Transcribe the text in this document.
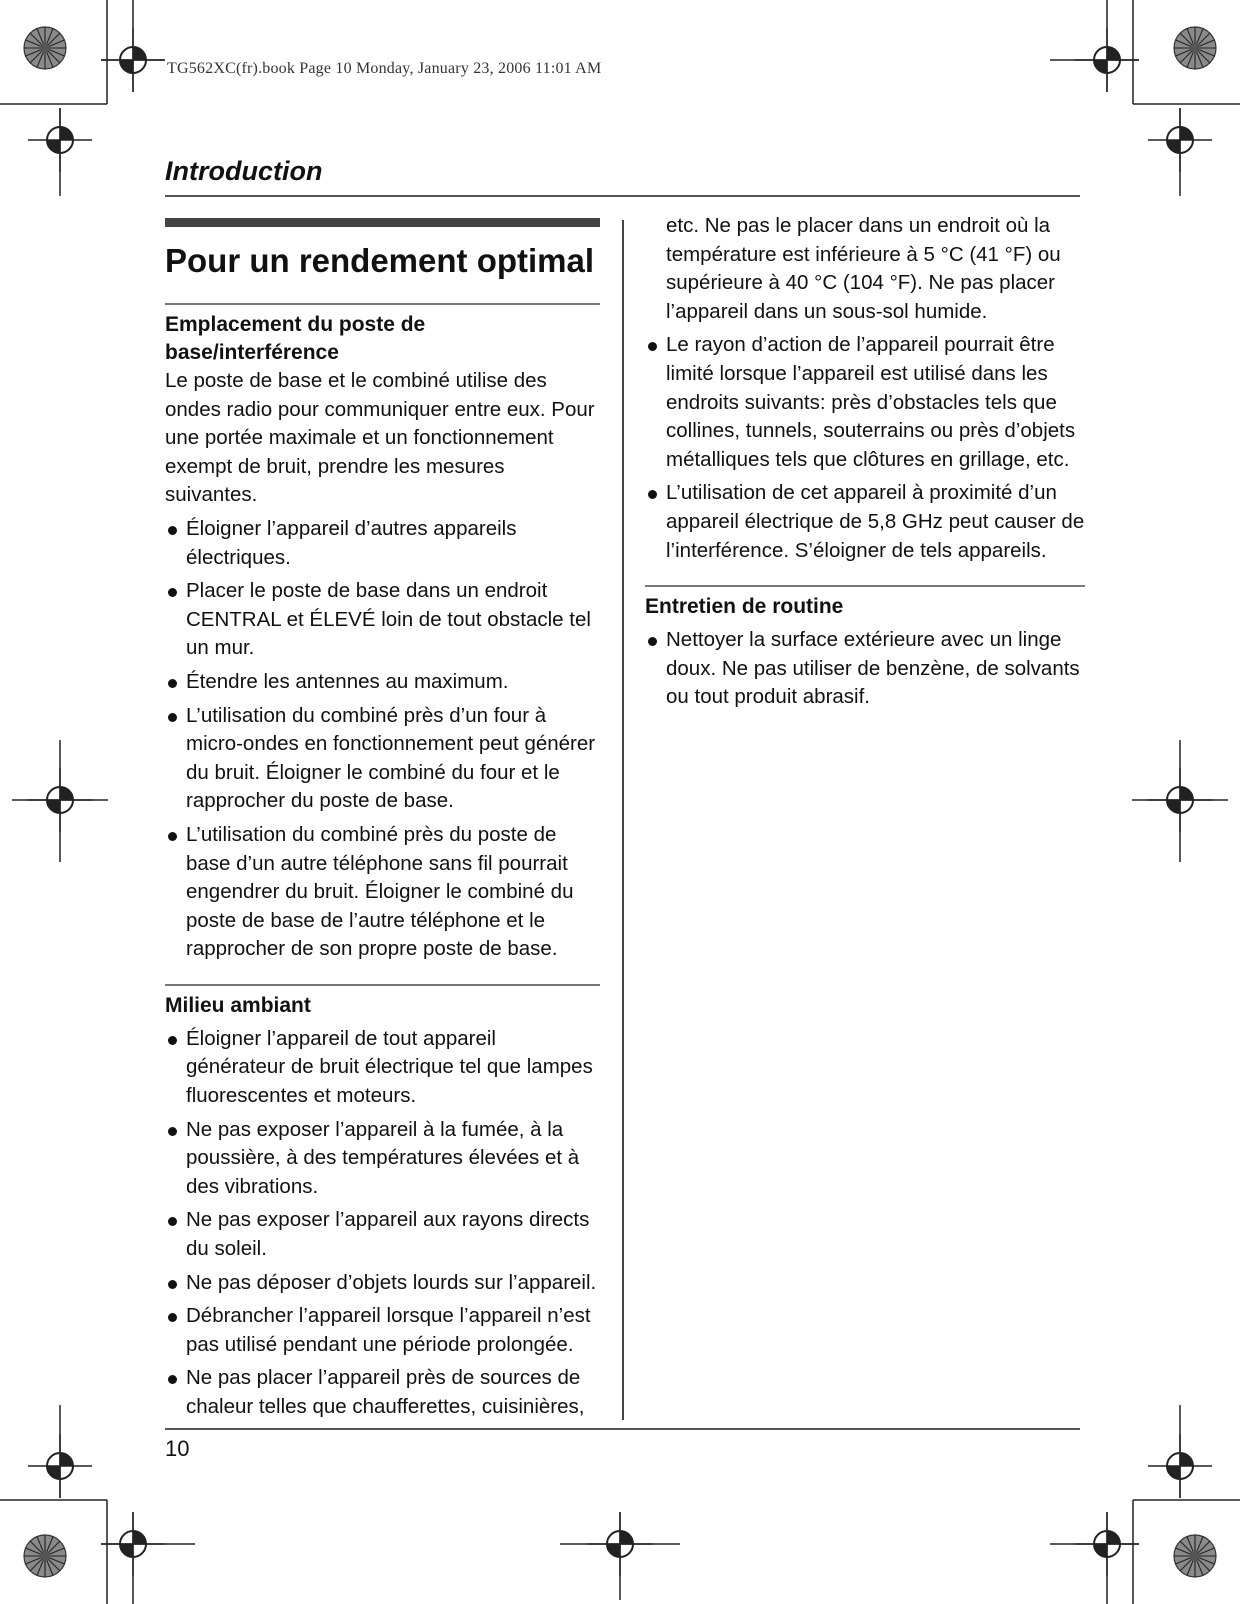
TG562XC(fr).book Page 10 Monday, January 23, 2006 11:01 AM
Introduction
Pour un rendement optimal
Emplacement du poste de base/interférence

Le poste de base et le combiné utilise des ondes radio pour communiquer entre eux. Pour une portée maximale et un fonctionnement exempt de bruit, prendre les mesures suivantes.

Éloigner l’appareil d’autres appareils électriques.
Placer le poste de base dans un endroit CENTRAL et ÉLEVÉ loin de tout obstacle tel un mur.
Étendre les antennes au maximum.
L’utilisation du combiné près d’un four à micro-ondes en fonctionnement peut générer du bruit. Éloigner le combiné du four et le rapprocher du poste de base.
L’utilisation du combiné près du poste de base d’un autre téléphone sans fil pourrait engendrer du bruit. Éloigner le combiné du poste de base de l’autre téléphone et le rapprocher de son propre poste de base.
Milieu ambiant
Éloigner l’appareil de tout appareil générateur de bruit électrique tel que lampes fluorescentes et moteurs.
Ne pas exposer l’appareil à la fumée, à la poussière, à des températures élevées et à des vibrations.
Ne pas exposer l’appareil aux rayons directs du soleil.
Ne pas déposer d’objets lourds sur l’appareil.
Débrancher l’appareil lorsque l’appareil n’est pas utilisé pendant une période prolongée.
Ne pas placer l’appareil près de sources de chaleur telles que chaufferettes, cuisinières,

etc. Ne pas le placer dans un endroit où la température est inférieure à 5 °C (41 °F) ou supérieure à 40 °C (104 °F). Ne pas placer l’appareil dans un sous-sol humide.

Le rayon d’action de l’appareil pourrait être limité lorsque l’appareil est utilisé dans les endroits suivants: près d’obstacles tels que collines, tunnels, souterrains ou près d’objets métalliques tels que clôtures en grillage, etc.
L’utilisation de cet appareil à proximité d’un appareil électrique de 5,8 GHz peut causer de l’interférence. S’éloigner de tels appareils.
Entretien de routine
Nettoyer la surface extérieure avec un linge doux. Ne pas utiliser de benzène, de solvants ou tout produit abrasif.
10
